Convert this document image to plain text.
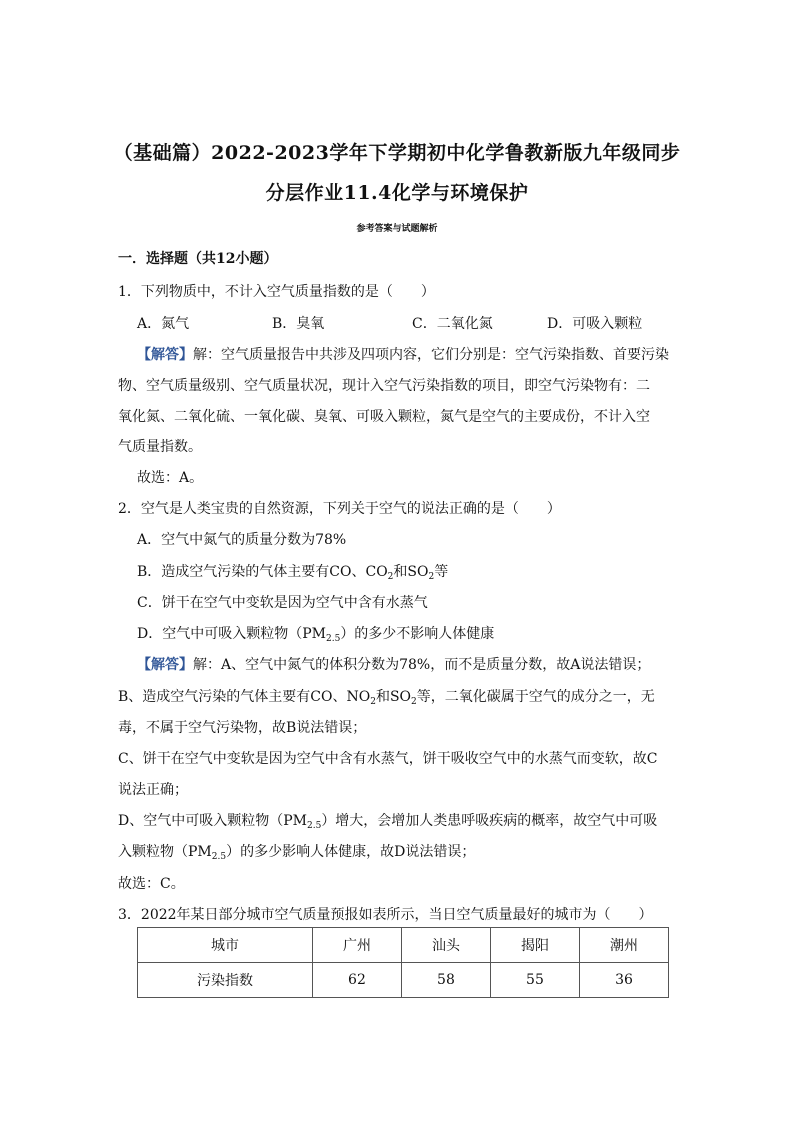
（基础篇）2022-2023学年下学期初中化学鲁教新版九年级同步
分层作业11.4化学与环境保护
参考答案与试题解析
一．选择题（共12小题）
1．下列物质中，不计入空气质量指数的是（　　）
A．氮气	B．臭氧	C．二氧化氮	D．可吸入颗粒
【解答】解：空气质量报告中共涉及四项内容，它们分别是：空气污染指数、首要污染
物、空气质量级别、空气质量状况，现计入空气污染指数的项目，即空气污染物有：二
氧化氮、二氧化硫、一氧化碳、臭氧、可吸入颗粒，氮气是空气的主要成份，不计入空
气质量指数。
故选：A。
2．空气是人类宝贵的自然资源，下列关于空气的说法正确的是（　　）
A．空气中氮气的质量分数为78%
B．造成空气污染的气体主要有CO、$CO_2$和$SO_2$等
C．饼干在空气中变软是因为空气中含有水蒸气
D．空气中可吸入颗粒物$(PM_{2.5})$的多少不影响人体健康
【解答】解：A、空气中氮气的体积分数为78%，而不是质量分数，故A说法错误；
B、造成空气污染的气体主要有CO、$NO_2$和$SO_2$等，二氧化碳属于空气的成分之一，无
毒，不属于空气污染物，故B说法错误；
C、饼干在空气中变软是因为空气中含有水蒸气，饼干吸收空气中的水蒸气而变软，故C
说法正确；
D、空气中可吸入颗粒物$(PM_{2.5})$增大，会增加人类患呼吸疾病的概率，故空气中可吸
入颗粒物$(PM_{2.5})$的多少影响人体健康，故D说法错误；
故选：C。
3．2022年某日部分城市空气质量预报如表所示，当日空气质量最好的城市为（　　）
城市	广州	汕头	揭阳	潮州
污染指数	62	58	55	36
